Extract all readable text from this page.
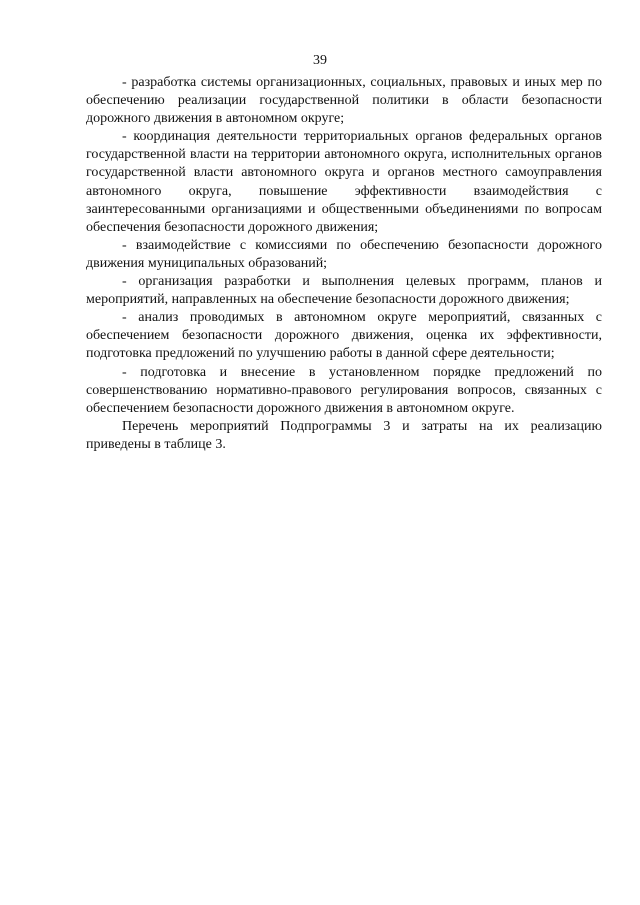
39

- разработка системы организационных, социальных, правовых и иных мер по обеспечению реализации государственной политики в области безопасности дорожного движения в автономном округе;

- координация деятельности территориальных органов федеральных органов государственной власти на территории автономного округа, исполнительных органов государственной власти автономного округа и органов местного самоуправления автономного округа, повышение эффективности взаимодействия с заинтересованными организациями и общественными объединениями по вопросам обеспечения безопасности дорожного движения;

- взаимодействие с комиссиями по обеспечению безопасности дорожного движения муниципальных образований;

- организация разработки и выполнения целевых программ, планов и мероприятий, направленных на обеспечение безопасности дорожного движения;

- анализ проводимых в автономном округе мероприятий, связанных с обеспечением безопасности дорожного движения, оценка их эффективности, подготовка предложений по улучшению работы в данной сфере деятельности;

- подготовка и внесение в установленном порядке предложений по совершенствованию нормативно-правового регулирования вопросов, связанных с обеспечением безопасности дорожного движения в автономном округе.

Перечень мероприятий Подпрограммы 3 и затраты на их реализацию приведены в таблице 3.
